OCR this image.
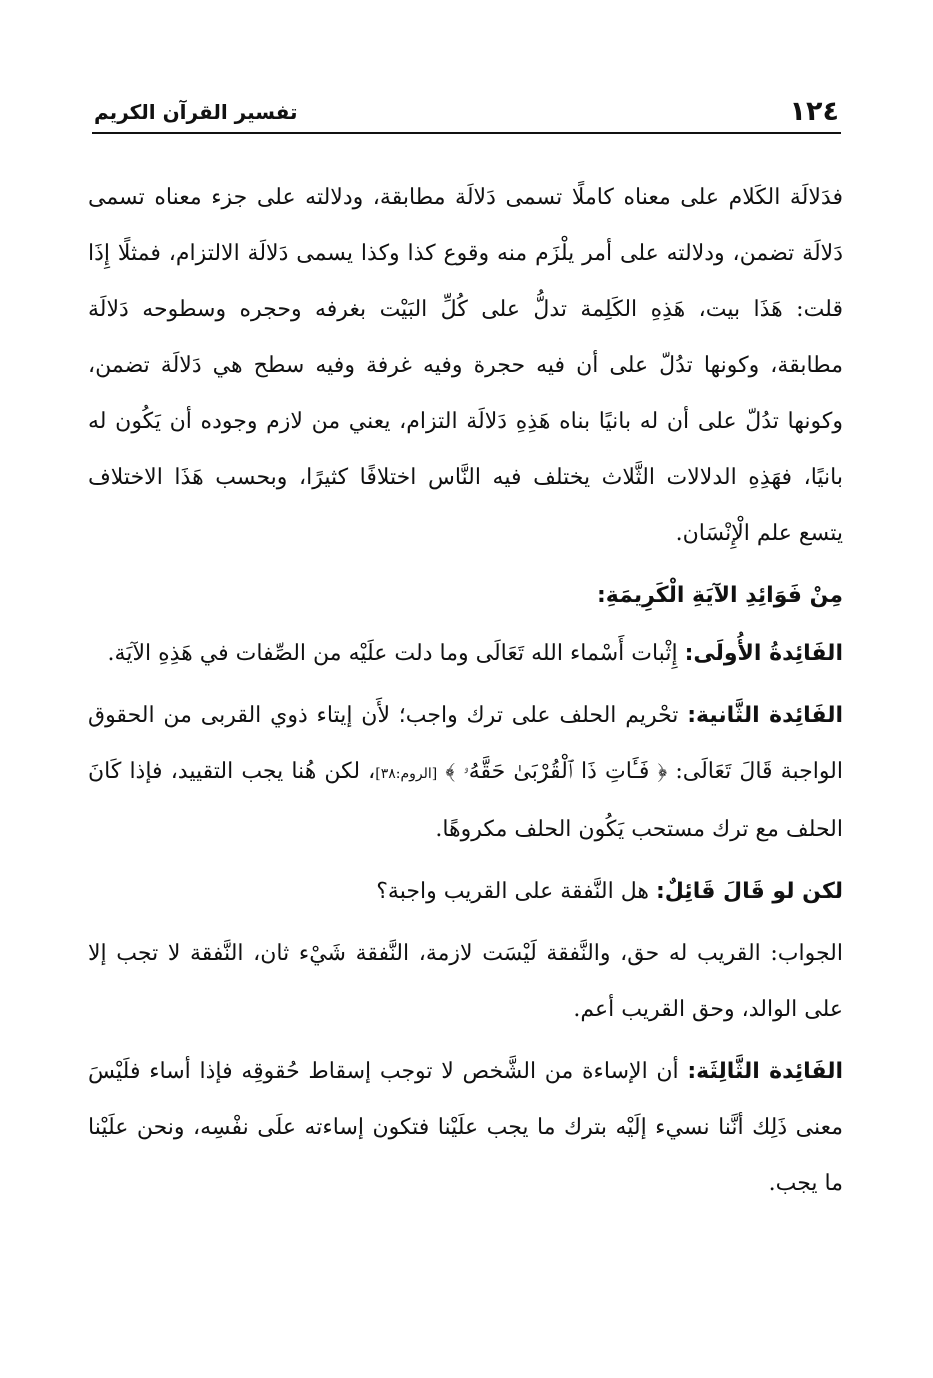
١٢٤
تفسير القرآن الكريم

فدَلالَة الكَلام على معناه كاملًا تسمى دَلالَة مطابقة، ودلالته على جزء معناه تسمى دَلالَة تضمن، ودلالته على أمر يلْزَم منه وقوع كذا وكذا يسمى دَلالَة الالتزام، فمثلًا إِذَا قلت: هَذَا بيت، هَذِهِ الكَلِمة تدلُّ على كُلِّ البَيْت بغرفه وحجره وسطوحه دَلالَة مطابقة، وكونها تدُلّ على أن فيه حجرة وفيه غرفة وفيه سطح هي دَلالَة تضمن، وكونها تدُلّ على أن له بانيًا بناه هَذِهِ دَلالَة التزام، يعني من لازم وجوده أن يَكُون له بانيًا، فهَذِهِ الدلالات الثَّلاث يختلف فيه النَّاس اختلافًا كثيرًا، وبحسب هَذَا الاختلاف يتسع علم الْإِنْسَان.

مِنْ فَوَائِدِ الآيَةِ الْكَرِيمَةِ:

الفَائِدةُ الأُولَى: إِثْبات أَسْماء الله تَعَالَى وما دلت علَيْه من الصِّفات في هَذِهِ الآيَة.

الفَائِدة الثَّانية: تحْريم الحلف على ترك واجب؛ لأَن إيتاء ذوي القربى من الحقوق الواجبة قَالَ تَعَالَى: ﴿ فَـَٔاتِ ذَا ٱلْقُرْبَىٰ حَقَّهُۥ ﴾ [الروم:٣٨]، لكن هُنا يجب التقييد، فإذا كَانَ الحلف مع ترك مستحب يَكُون الحلف مكروهًا.

لكن لو قَالَ قَائِلٌ: هل النَّفقة على القريب واجبة؟

الجواب: القريب له حق، والنَّفقة لَيْسَت لازمة، النَّفقة شَيْء ثان، النَّفقة لا تجب إلا على الوالد، وحق القريب أعم.

الفَائِدة الثَّالِثَة: أن الإساءة من الشَّخص لا توجب إسقاط حُقوقِه فإذا أساء فلَيْسَ معنى ذَلِك أنَّنا نسيء إلَيْه بترك ما يجب علَيْنا فتكون إساءته علَى نفْسِه، ونحن علَيْنا ما يجب.
